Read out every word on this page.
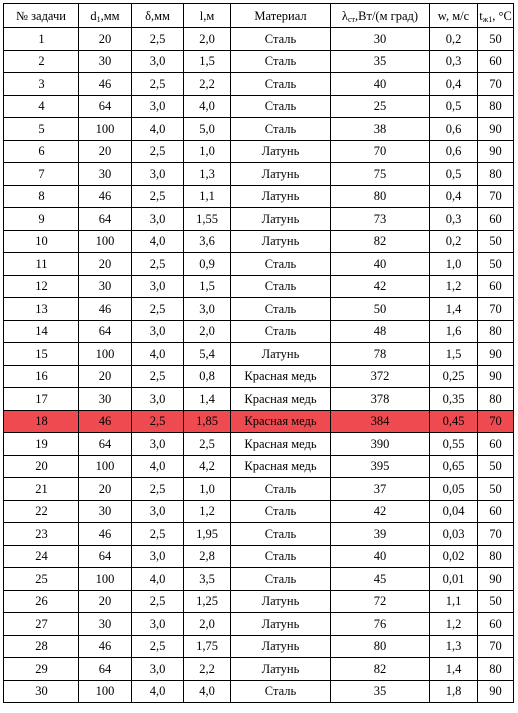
№ задачи	$d_1,мм$	δ,мм	l,м	Материал	$\lambda_{ст},Вт/(м$ град)	w, м/с	$t_{ж1}$, °С
1	20	2,5	2,0	Сталь	30	0,2	50
2	30	3,0	1,5	Сталь	35	0,3	60
3	46	2,5	2,2	Сталь	40	0,4	70
4	64	3,0	4,0	Сталь	25	0,5	80
5	100	4,0	5,0	Сталь	38	0,6	90
6	20	2,5	1,0	Латунь	70	0,6	90
7	30	3,0	1,3	Латунь	75	0,5	80
8	46	2,5	1,1	Латунь	80	0,4	70
9	64	3,0	1,55	Латунь	73	0,3	60
10	100	4,0	3,6	Латунь	82	0,2	50
11	20	2,5	0,9	Сталь	40	1,0	50
12	30	3,0	1,5	Сталь	42	1,2	60
13	46	2,5	3,0	Сталь	50	1,4	70
14	64	3,0	2,0	Сталь	48	1,6	80
15	100	4,0	5,4	Латунь	78	1,5	90
16	20	2,5	0,8	Красная медь	372	0,25	90
17	30	3,0	1,4	Красная медь	378	0,35	80
18	46	2,5	1,85	Красная медь	384	0,45	70
19	64	3,0	2,5	Красная медь	390	0,55	60
20	100	4,0	4,2	Красная медь	395	0,65	50
21	20	2,5	1,0	Сталь	37	0,05	50
22	30	3,0	1,2	Сталь	42	0,04	60
23	46	2,5	1,95	Сталь	39	0,03	70
24	64	3,0	2,8	Сталь	40	0,02	80
25	100	4,0	3,5	Сталь	45	0,01	90
26	20	2,5	1,25	Латунь	72	1,1	50
27	30	3,0	2,0	Латунь	76	1,2	60
28	46	2,5	1,75	Латунь	80	1,3	70
29	64	3,0	2,2	Латунь	82	1,4	80
30	100	4,0	4,0	Сталь	35	1,8	90
